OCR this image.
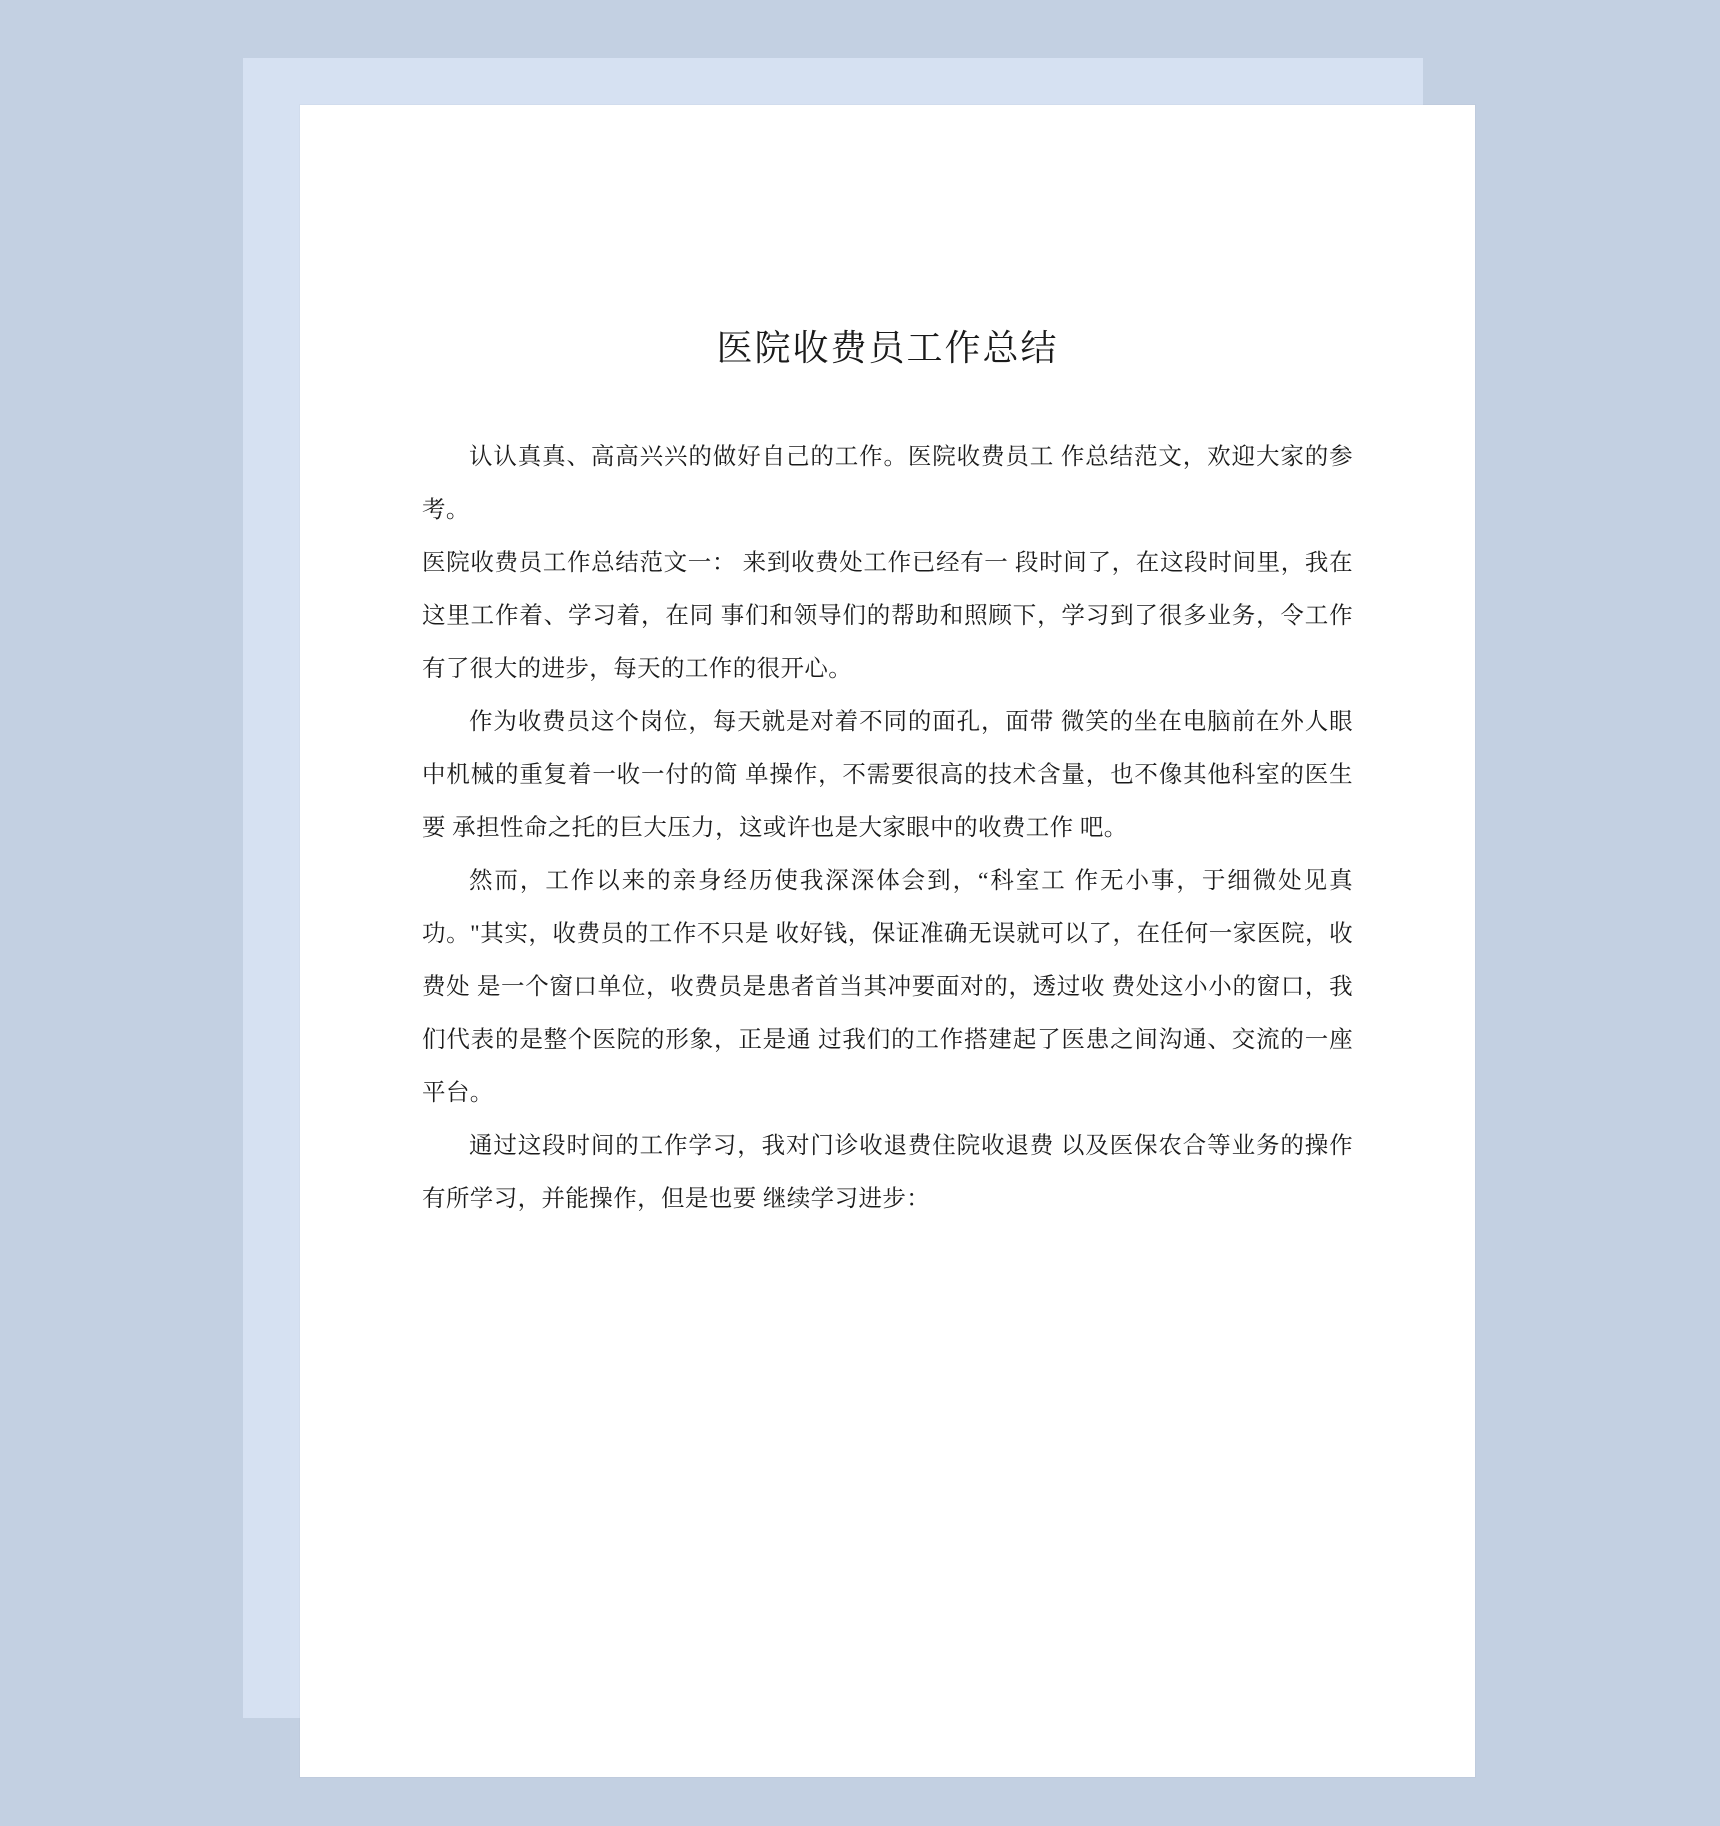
医院收费员工作总结

认认真真、高高兴兴的做好自己的工作。医院收费员工 作总结范文，欢迎大家的参考。

医院收费员工作总结范文一： 来到收费处工作已经有一 段时间了，在这段时间里，我在这里工作着、学习着，在同 事们和领导们的帮助和照顾下，学习到了很多业务，令工作 有了很大的进步，每天的工作的很开心。

作为收费员这个岗位，每天就是对着不同的面孔，面带 微笑的坐在电脑前在外人眼中机械的重复着一收一付的简 单操作，不需要很高的技术含量，也不像其他科室的医生要 承担性命之托的巨大压力，这或许也是大家眼中的收费工作 吧。

然而，工作以来的亲身经历使我深深体会到，“科室工 作无小事，于细微处见真功。"其实，收费员的工作不只是 收好钱，保证准确无误就可以了，在任何一家医院，收费处 是一个窗口单位，收费员是患者首当其冲要面对的，透过收 费处这小小的窗口，我们代表的是整个医院的形象，正是通 过我们的工作搭建起了医患之间沟通、交流的一座平台。

通过这段时间的工作学习，我对门诊收退费住院收退费 以及医保农合等业务的操作有所学习，并能操作，但是也要 继续学习进步：
